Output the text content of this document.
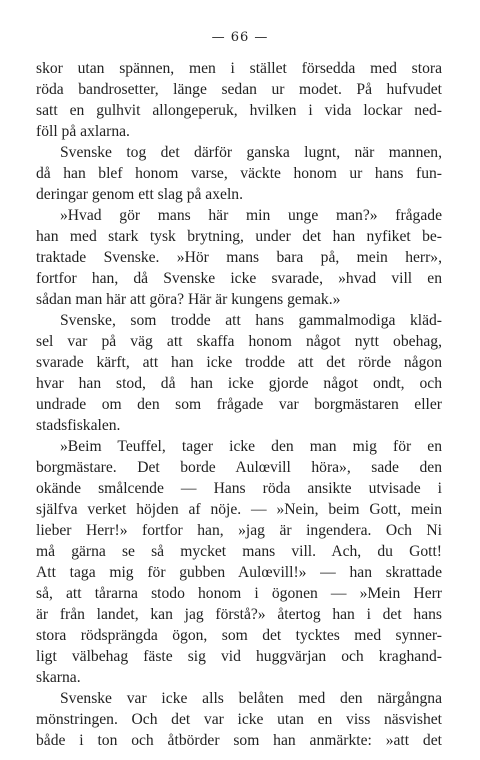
— 66 —

skor utan spännen, men i stället försedda med stora
röda bandrosetter, länge sedan ur modet. På hufvudet
satt en gulhvit allongeperuk, hvilken i vida lockar ned-
föll på axlarna.

Svenske tog det därför ganska lugnt, när mannen,
då han blef honom varse, väckte honom ur hans fun-
deringar genom ett slag på axeln.

»Hvad gör mans här min unge man?» frågade
han med stark tysk brytning, under det han nyfiket be-
traktade Svenske. »Hör mans bara på, mein herr»,
fortfor han, då Svenske icke svarade, »hvad vill en
sådan man här att göra? Här är kungens gemak.»

Svenske, som trodde att hans gammalmodiga kläd-
sel var på väg att skaffa honom något nytt obehag,
svarade kärft, att han icke trodde att det rörde någon
hvar han stod, då han icke gjorde något ondt, och
undrade om den som frågade var borgmästaren eller
stadsfiskalen.

»Beim Teuffel, tager icke den man mig för en
borgmästare. Det borde Aulœvill höra», sade den
okände smålcende — Hans röda ansikte utvisade i
själfva verket höjden af nöje. — »Nein, beim Gott, mein
lieber Herr!» fortfor han, »jag är ingendera. Och Ni
må gärna se så mycket mans vill. Ach, du Gott!
Att taga mig för gubben Aulœvill!» — han skrattade
så, att tårarna stodo honom i ögonen — »Mein Herr
är från landet, kan jag förstå?» återtog han i det hans
stora rödsprängda ögon, som det tycktes med synner-
ligt välbehag fäste sig vid huggvärjan och kraghand-
skarna.

Svenske var icke alls belåten med den närgångna
mönstringen. Och det var icke utan en viss näsvishet
både i ton och åtbörder som han anmärkte: »att det
